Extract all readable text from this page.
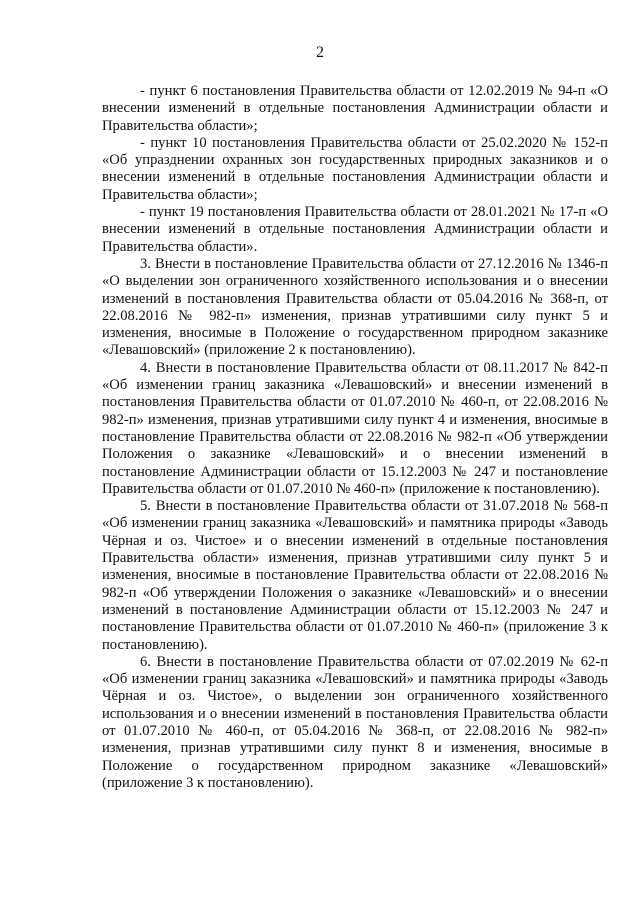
2

- пункт 6 постановления Правительства области от 12.02.2019 № 94-п «О внесении изменений в отдельные постановления Администрации области и Правительства области»;

- пункт 10 постановления Правительства области от 25.02.2020 № 152-п «Об упразднении охранных зон государственных природных заказников и о внесении изменений в отдельные постановления Администрации области и Правительства области»;

- пункт 19 постановления Правительства области от 28.01.2021 № 17-п «О внесении изменений в отдельные постановления Администрации области и Правительства области».

3. Внести в постановление Правительства области от 27.12.2016 № 1346-п «О выделении зон ограниченного хозяйственного использования и о внесении изменений в постановления Правительства области от 05.04.2016 № 368-п, от 22.08.2016 № 982-п» изменения, признав утратившими силу пункт 5 и изменения, вносимые в Положение о государственном природном заказнике «Левашовский» (приложение 2 к постановлению).

4. Внести в постановление Правительства области от 08.11.2017 № 842-п «Об изменении границ заказника «Левашовский» и внесении изменений в постановления Правительства области от 01.07.2010 № 460-п, от 22.08.2016 № 982-п» изменения, признав утратившими силу пункт 4 и изменения, вносимые в постановление Правительства области от 22.08.2016 № 982-п «Об утверждении Положения о заказнике «Левашовский» и о внесении изменений в постановление Администрации области от 15.12.2003 № 247 и постановление Правительства области от 01.07.2010 № 460-п» (приложение к постановлению).

5. Внести в постановление Правительства области от 31.07.2018 № 568-п «Об изменении границ заказника «Левашовский» и памятника природы «Заводь Чёрная и оз. Чистое» и о внесении изменений в отдельные постановления Правительства области» изменения, признав утратившими силу пункт 5 и изменения, вносимые в постановление Правительства области от 22.08.2016 № 982-п «Об утверждении Положения о заказнике «Левашовский» и о внесении изменений в постановление Администрации области от 15.12.2003 № 247 и постановление Правительства области от 01.07.2010 № 460-п» (приложение 3 к постановлению).

6. Внести в постановление Правительства области от 07.02.2019 № 62-п «Об изменении границ заказника «Левашовский» и памятника природы «Заводь Чёрная и оз. Чистое», о выделении зон ограниченного хозяйственного использования и о внесении изменений в постановления Правительства области от 01.07.2010 № 460-п, от 05.04.2016 № 368-п, от 22.08.2016 № 982-п» изменения, признав утратившими силу пункт 8 и изменения, вносимые в Положение о государственном природном заказнике «Левашовский» (приложение 3 к постановлению).
